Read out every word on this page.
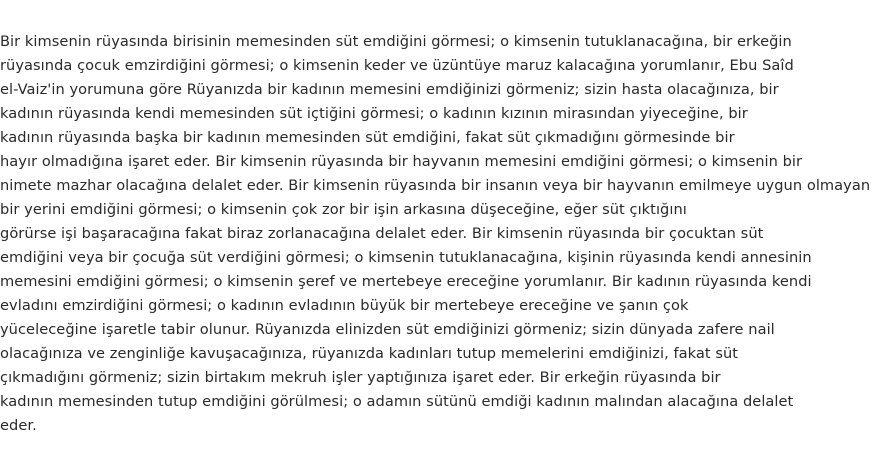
Bir kimsenin rüyasında birisinin memesinden süt emdiğini görmesi; o kimsenin tutuklanacağına, bir erkeğin
rüyasında çocuk emzirdiğini görmesi; o kimsenin keder ve üzüntüye maruz kalacağına yorumlanır, Ebu Saîd
el-Vaiz'in yorumuna göre Rüyanızda bir kadının memesini emdiğinizi görmeniz; sizin hasta olacağınıza, bir
kadının rüyasında kendi memesinden süt içtiğini görmesi; o kadının kızının mirasından yiyeceğine, bir
kadının rüyasında başka bir kadının memesinden süt emdiğini, fakat süt çıkmadığını görmesinde bir
hayır olmadığına işaret eder. Bir kimsenin rüyasında bir hayvanın memesini emdiğini görmesi; o kimsenin bir
nimete mazhar olacağına delalet eder. Bir kimsenin rüyasında bir insanın veya bir hayvanın emilmeye uygun olmayan
bir yerini emdiğini görmesi; o kimsenin çok zor bir işin arkasına düşeceğine, eğer süt çıktığını
görürse işi başaracağına fakat biraz zorlanacağına delalet eder. Bir kimsenin rüyasında bir çocuktan süt
emdiğini veya bir çocuğa süt verdiğini görmesi; o kimsenin tutuklanacağına, kişinin rüyasında kendi annesinin
memesini emdiğini görmesi; o kimsenin şeref ve mertebeye ereceğine yorumlanır. Bir kadının rüyasında kendi
evladını emzirdiğini görmesi; o kadının evladının büyük bir mertebeye ereceğine ve şanın çok
yüceleceğine işaretle tabir olunur. Rüyanızda elinizden süt emdiğinizi görmeniz; sizin dünyada zafere nail
olacağınıza ve zenginliğe kavuşacağınıza, rüyanızda kadınları tutup memelerini emdiğinizi, fakat süt
çıkmadığını görmeniz; sizin birtakım mekruh işler yaptığınıza işaret eder. Bir erkeğin rüyasında bir
kadının memesinden tutup emdiğini görülmesi; o adamın sütünü emdiği kadının malından alacağına delalet
eder.
